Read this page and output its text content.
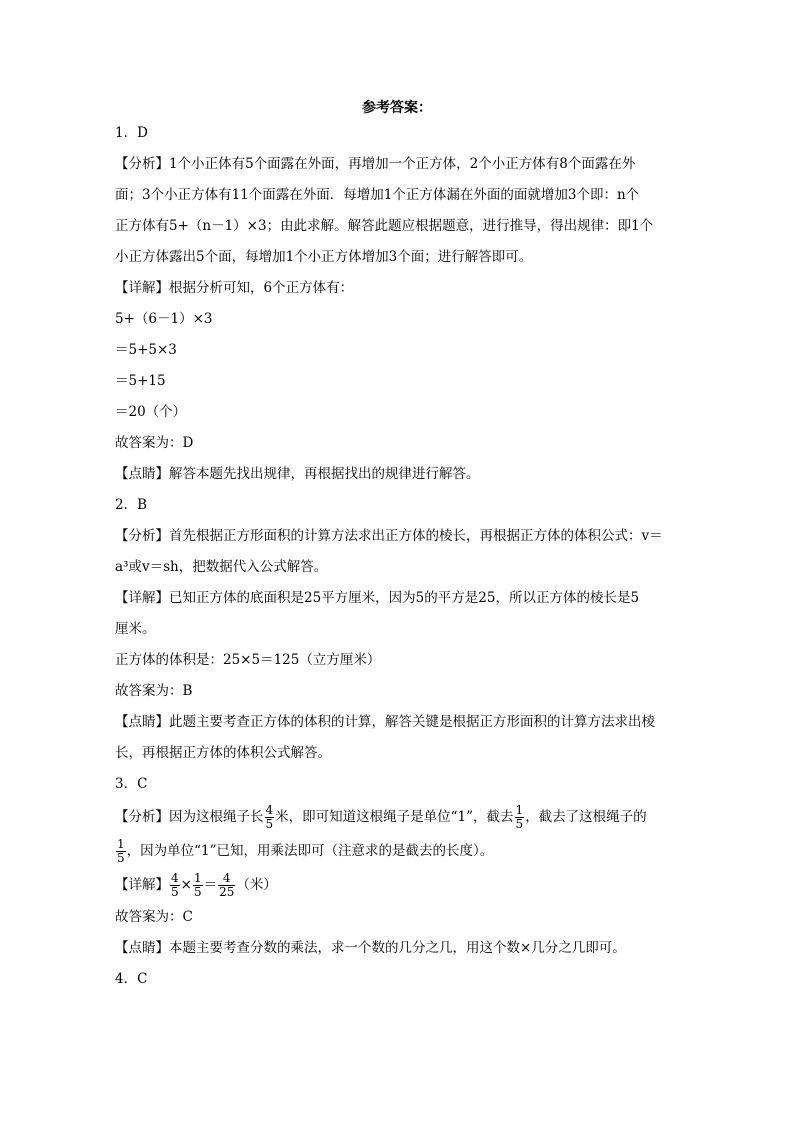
参考答案：
1．D
【分析】1个小正体有5个面露在外面，再增加一个正方体，2个小正方体有8个面露在外
面；3个小正方体有11个面露在外面．每增加1个正方体漏在外面的面就增加3个即：n个
正方体有5+（n－1）×3；由此求解。解答此题应根据题意，进行推导，得出规律：即1个
小正方体露出5个面，每增加1个小正方体增加3个面；进行解答即可。
【详解】根据分析可知，6个正方体有：
5+（6－1）×3
＝5+5×3
＝5+15
＝20（个）
故答案为：D
【点睛】解答本题先找出规律，再根据找出的规律进行解答。
2．B
【分析】首先根据正方形面积的计算方法求出正方体的棱长，再根据正方体的体积公式：v＝
a³或v＝sh，把数据代入公式解答。
【详解】已知正方体的底面积是25平方厘米，因为5的平方是25，所以正方体的棱长是5
厘米。
正方体的体积是：25×5＝125（立方厘米）
故答案为：B
【点睛】此题主要考查正方体的体积的计算，解答关键是根据正方形面积的计算方法求出棱
长，再根据正方体的体积公式解答。
3．C
【分析】因为这根绳子长 $\frac{4}{5}$ 米，即可知道这根绳子是单位“1”，截去 $\frac{1}{5}$ ，截去了这根绳子的
$\frac{1}{5}$ ，因为单位“1”已知，用乘法即可（注意求的是截去的长度）。
【详解】 $\frac{4}{5} \times \frac{1}{5} = \frac{4}{25}$ （米）
故答案为：C
【点睛】本题主要考查分数的乘法，求一个数的几分之几，用这个数×几分之几即可。
4．C
